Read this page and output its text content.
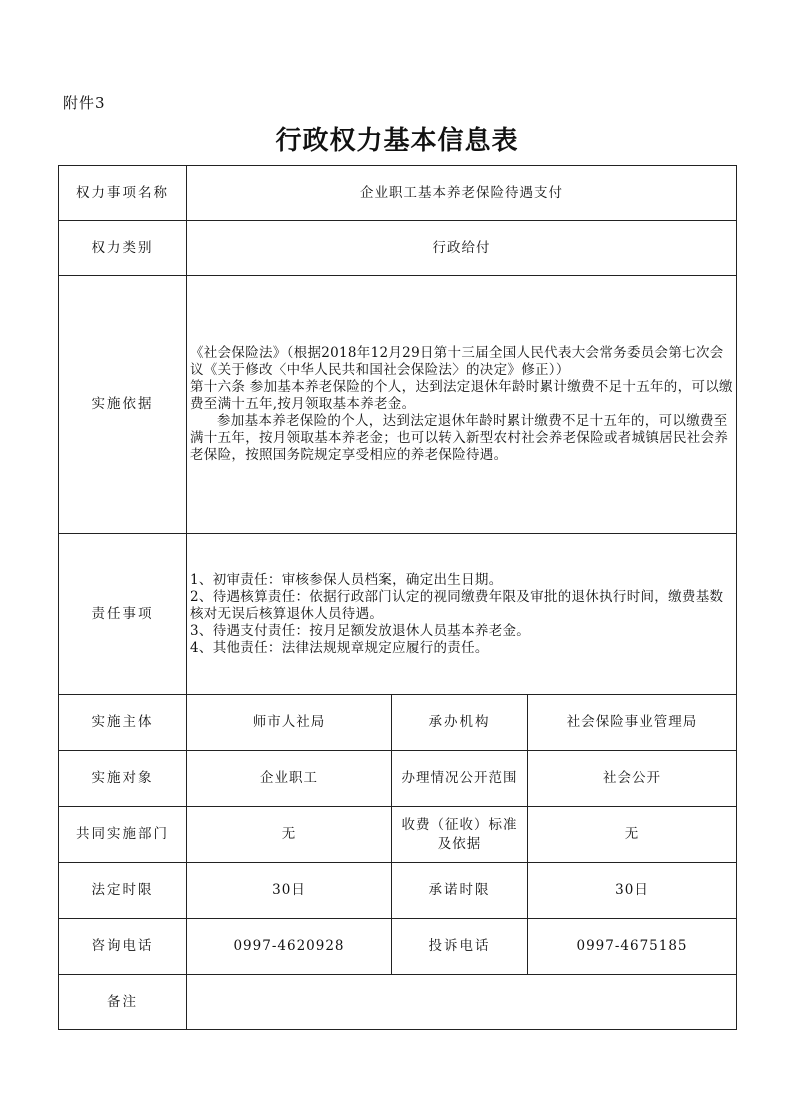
附件3
行政权力基本信息表
权力事项名称	企业职工基本养老保险待遇支付		
权力类别	行政给付		
实施依据	《社会保险法》（根据2018年12月29日第十三届全国人民代表大会常务委员会第七次会议《关于修改〈中华人民共和国社会保险法〉的决定》修正））

第十六条 参加基本养老保险的个人，达到法定退休年龄时累计缴费不足十五年的，可以缴费至满十五年,按月领取基本养老金。

参加基本养老保险的个人，达到法定退休年龄时累计缴费不足十五年的，可以缴费至满十五年，按月领取基本养老金；也可以转入新型农村社会养老保险或者城镇居民社会养老保险，按照国务院规定享受相应的养老保险待遇。		

责任事项	1、初审责任：审核参保人员档案，确定出生日期。

2、待遇核算责任：依据行政部门认定的视同缴费年限及审批的退休执行时间，缴费基数核对无误后核算退休人员待遇。

3、待遇支付责任：按月足额发放退休人员基本养老金。

4、其他责任：法律法规规章规定应履行的责任。		

实施主体	师市人社局	承办机构	社会保险事业管理局
实施对象	企业职工	办理情况公开范围	社会公开
共同实施部门	无	收费（征收）标准及依据	无
法定时限	30日	承诺时限	30日
咨询电话	0997-4620928	投诉电话	0997-4675185
备注			
